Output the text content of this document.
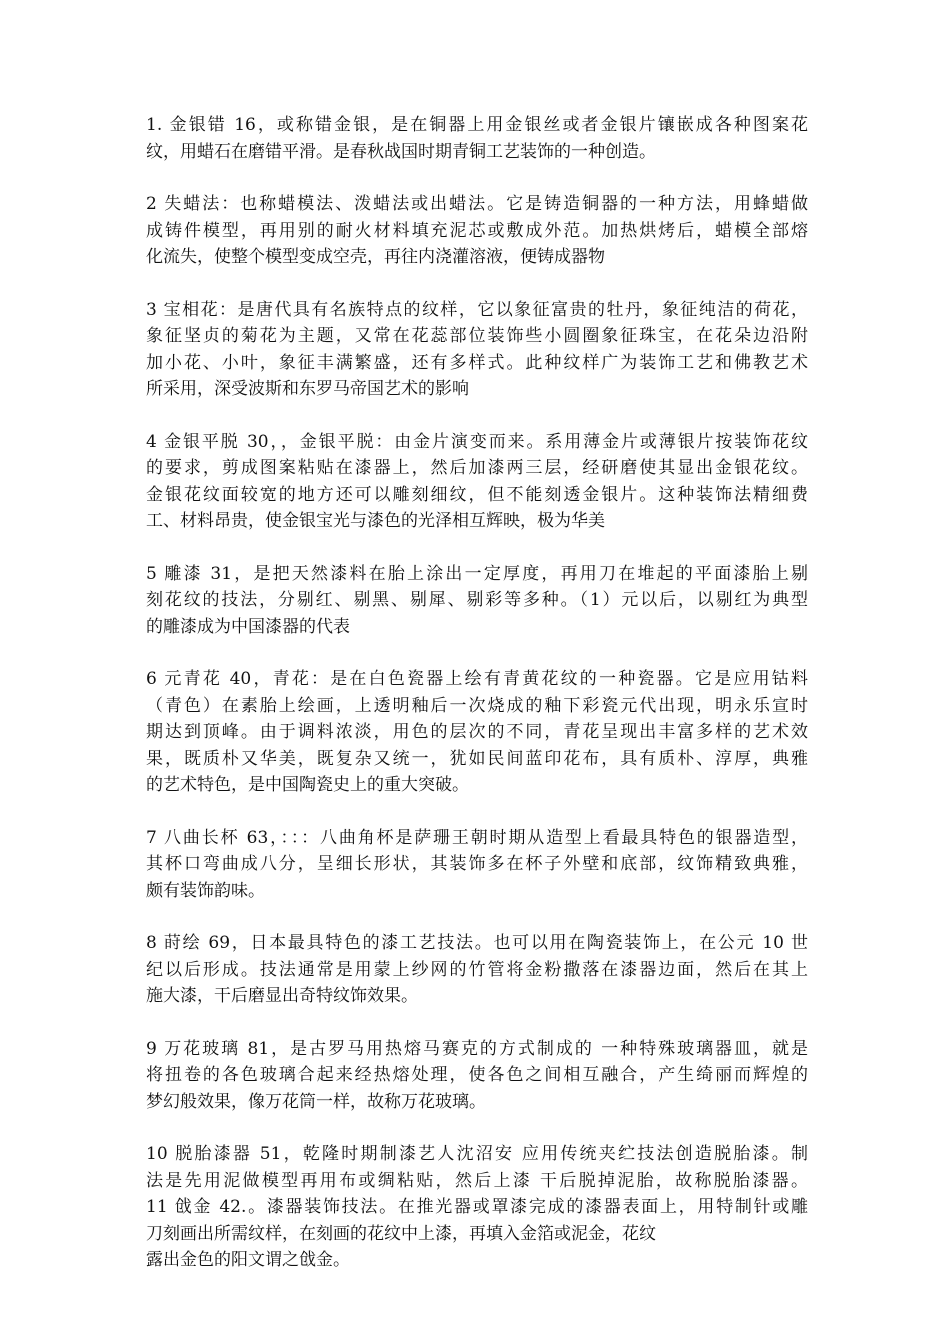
1. 金银错 16，或称错金银，是在铜器上用金银丝或者金银片镶嵌成各种图案花
纹，用蜡石在磨错平滑。是春秋战国时期青铜工艺装饰的一种创造。
2 失蜡法：也称蜡模法、泼蜡法或出蜡法。它是铸造铜器的一种方法，用蜂蜡做
成铸件模型，再用别的耐火材料填充泥芯或敷成外范。加热烘烤后，蜡模全部熔
化流失，使整个模型变成空壳，再往内浇灌溶液，便铸成器物
3 宝相花：是唐代具有名族特点的纹样，它以象征富贵的牡丹，象征纯洁的荷花，
象征坚贞的菊花为主题，又常在花蕊部位装饰些小圆圈象征珠宝，在花朵边沿附
加小花、小叶，象征丰满繁盛，还有多样式。此种纹样广为装饰工艺和佛教艺术
所采用，深受波斯和东罗马帝国艺术的影响
4 金银平脱 30，，金银平脱：由金片演变而来。系用薄金片或薄银片按装饰花纹
的要求，剪成图案粘贴在漆器上，然后加漆两三层，经研磨使其显出金银花纹。
金银花纹面较宽的地方还可以雕刻细纹，但不能刻透金银片。这种装饰法精细费
工、材料昂贵，使金银宝光与漆色的光泽相互辉映，极为华美
5 雕漆 31，是把天然漆料在胎上涂出一定厚度，再用刀在堆起的平面漆胎上剔
刻花纹的技法，分剔红、剔黑、剔犀、剔彩等多种。（1）元以后，以剔红为典型
的雕漆成为中国漆器的代表
6 元青花 40，青花：是在白色瓷器上绘有青黄花纹的一种瓷器。它是应用钴料
（青色）在素胎上绘画，上透明釉后一次烧成的釉下彩瓷元代出现，明永乐宣时
期达到顶峰。由于调料浓淡，用色的层次的不同，青花呈现出丰富多样的艺术效
果，既质朴又华美，既复杂又统一，犹如民间蓝印花布，具有质朴、淳厚，典雅
的艺术特色，是中国陶瓷史上的重大突破。
7 八曲长杯 63，：：：八曲角杯是萨珊王朝时期从造型上看最具特色的银器造型，
其杯口弯曲成八分，呈细长形状，其装饰多在杯子外壁和底部，纹饰精致典雅，
颇有装饰韵味。
8 莳绘 69，日本最具特色的漆工艺技法。也可以用在陶瓷装饰上，在公元 10 世
纪以后形成。技法通常是用蒙上纱网的竹管将金粉撒落在漆器边面，然后在其上
施大漆，干后磨显出奇特纹饰效果。
9 万花玻璃 81，是古罗马用热熔马赛克的方式制成的 一种特殊玻璃器皿，就是
将扭卷的各色玻璃合起来经热熔处理，使各色之间相互融合，产生绮丽而辉煌的
梦幻般效果，像万花筒一样，故称万花玻璃。
10 脱胎漆器 51，乾隆时期制漆艺人沈沼安 应用传统夹纻技法创造脱胎漆。制
法是先用泥做模型再用布或绸粘贴，然后上漆 干后脱掉泥胎，故称脱胎漆器。
11 戗金 42.。漆器装饰技法。在推光器或罩漆完成的漆器表面上，用特制针或雕
刀刻画出所需纹样，在刻画的花纹中上漆，再填入金箔或泥金，花纹
露出金色的阳文谓之戗金。
